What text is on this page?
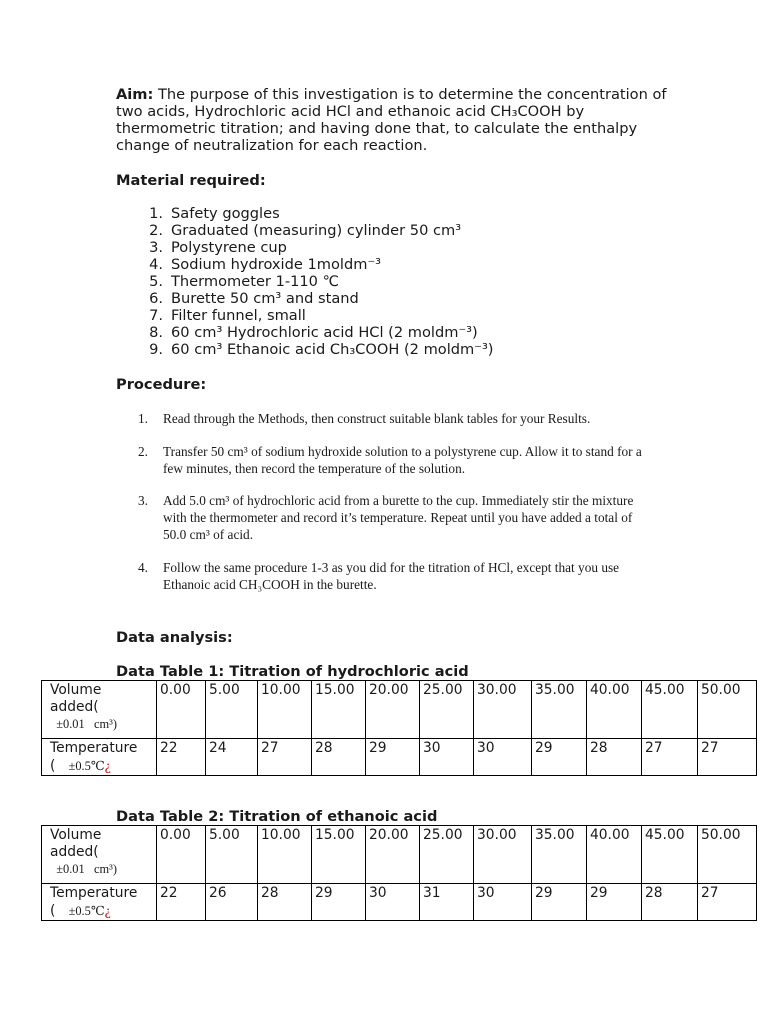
Aim: The purpose of this investigation is to determine the concentration of two acids, Hydrochloric acid HCl and ethanoic acid CH₃COOH by thermometric titration; and having done that, to calculate the enthalpy change of neutralization for each reaction.

Material required:

1. Safety goggles
2. Graduated (measuring) cylinder 50 cm³
3. Polystyrene cup
4. Sodium hydroxide 1moldm⁻³
5. Thermometer 1-110 ℃
6. Burette 50 cm³ and stand
7. Filter funnel, small
8. 60 cm³ Hydrochloric acid HCl (2 moldm⁻³)
9. 60 cm³ Ethanoic acid Ch₃COOH (2 moldm⁻³)

Procedure:

1.	Read through the Methods, then construct suitable blank tables for your Results.
2.	Transfer 50 cm³ of sodium hydroxide solution to a polystyrene cup. Allow it to stand for a few minutes, then record the temperature of the solution.
3.	Add 5.0 cm³ of hydrochloric acid from a burette to the cup. Immediately stir the mixture with the thermometer and record it’s temperature. Repeat until you have added a total of 50.0 cm³ of acid.
4.	Follow the same procedure 1-3 as you did for the titration of HCl, except that you use Ethanoic acid CH₃COOH in the burette.

Data analysis:

Data Table 1: Titration of hydrochloric acid

Volume added(
±0.01 cm³)	0.00	5.00	10.00	15.00	20.00	25.00	30.00	35.00	40.00	45.00	50.00
Temperature
( ±0.5℃¿	22	24	27	28	29	30	30	29	28	27	27

Data Table 2: Titration of ethanoic acid

Volume added(
±0.01 cm³)	0.00	5.00	10.00	15.00	20.00	25.00	30.00	35.00	40.00	45.00	50.00
Temperature
( ±0.5℃¿	22	26	28	29	30	31	30	29	29	28	27
